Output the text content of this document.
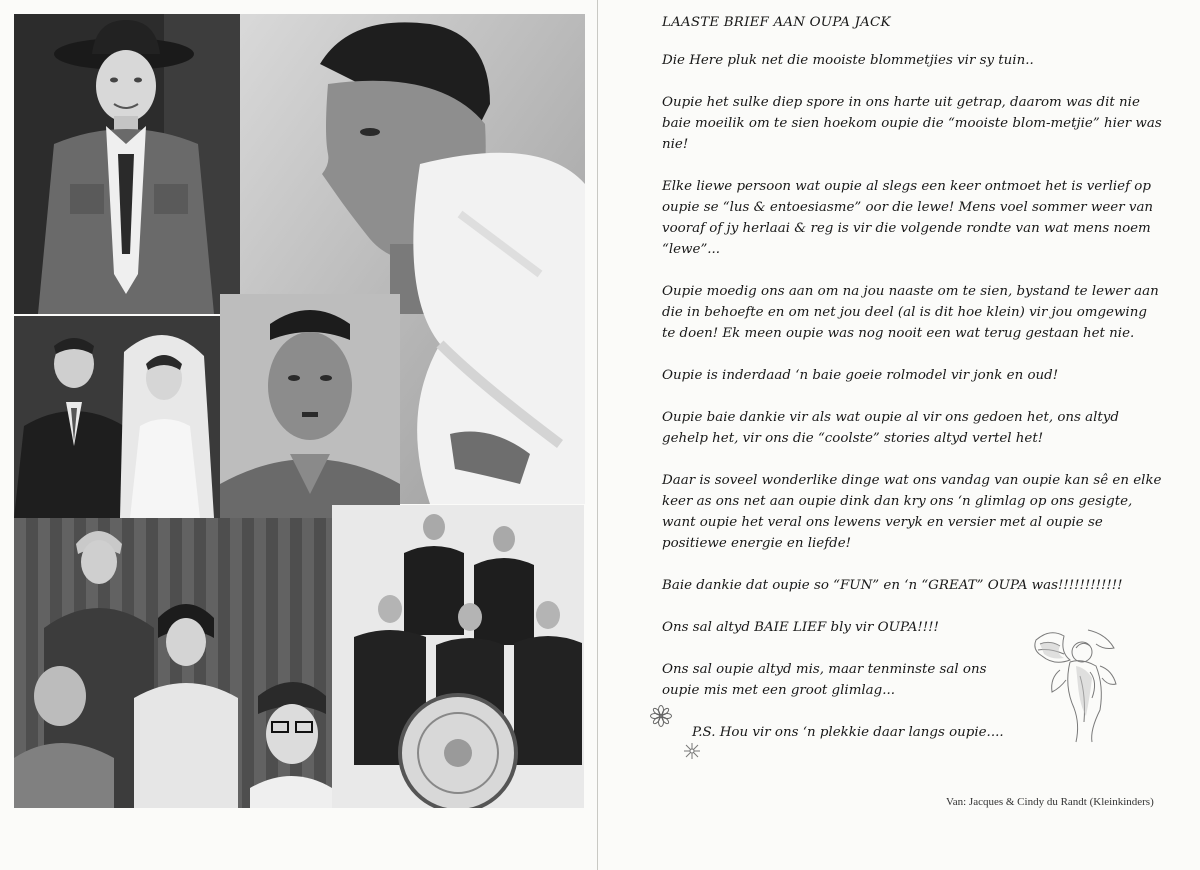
LAASTE BRIEF AAN OUPA JACK

Die Here pluk net die mooiste blommetjies vir sy tuin..

Oupie het sulke diep spore in ons harte uit getrap, daarom was dit nie baie moeilik om te sien hoekom oupie die “mooiste blom-metjie” hier was nie!

Elke liewe persoon wat oupie al slegs een keer ontmoet het is verlief op oupie se “lus & entoesiasme” oor die lewe! Mens voel sommer weer van vooraf of jy herlaai & reg is vir die volgende rondte van wat mens noem “lewe”...

Oupie moedig ons aan om na jou naaste om te sien, bystand te lewer aan die in behoefte en om net jou deel (al is dit hoe klein) vir jou omgewing te doen! Ek meen oupie was nog nooit een wat terug gestaan het nie.

Oupie is inderdaad ‘n baie goeie rolmodel vir jonk en oud!

Oupie baie dankie vir als wat oupie al vir ons gedoen het, ons altyd gehelp het, vir ons die “coolste” stories altyd vertel het!

Daar is soveel wonderlike dinge wat ons vandag van oupie kan sê en elke keer as ons net aan oupie dink dan kry ons ‘n glimlag op ons gesigte, want oupie het veral ons lewens veryk en versier met al oupie se positiewe energie en liefde!

Baie dankie dat oupie so “FUN” en ‘n “GREAT” OUPA was!!!!!!!!!!!!

Ons sal altyd BAIE LIEF bly vir OUPA!!!!

Ons sal oupie altyd mis, maar tenminste sal ons oupie mis met een groot glimlag...

P.S. Hou vir ons ‘n plekkie daar langs oupie....

Van: Jacques & Cindy du Randt (Kleinkinders)
